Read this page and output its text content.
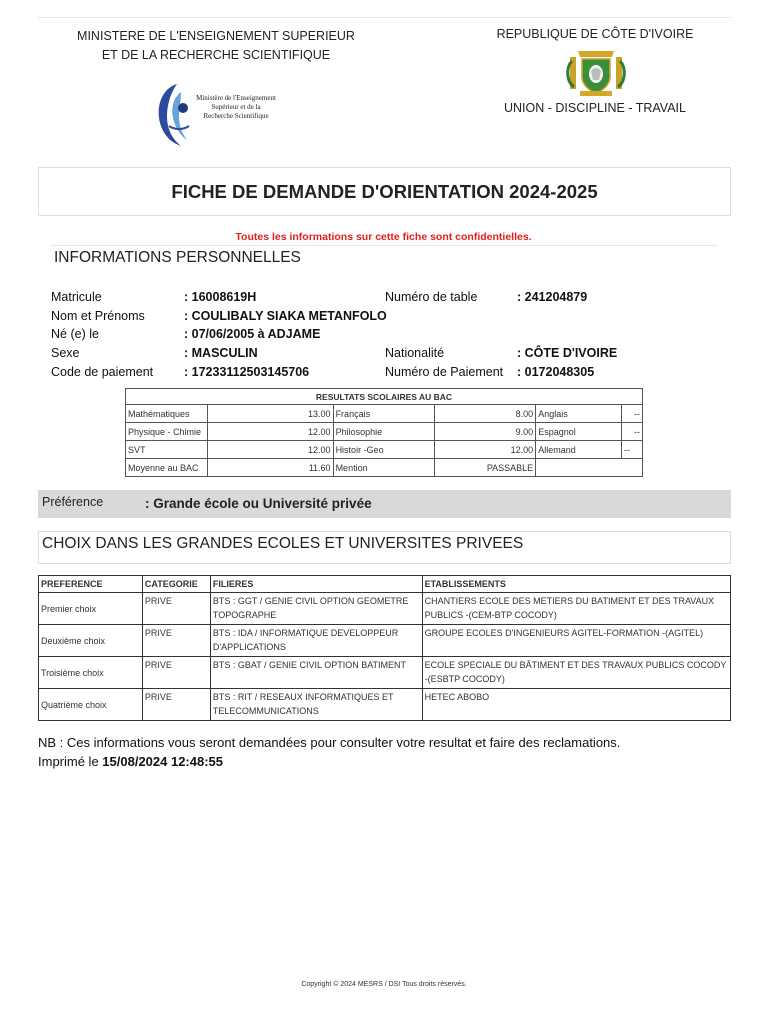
MINISTERE DE L'ENSEIGNEMENT SUPERIEUR
ET DE LA RECHERCHE SCIENTIFIQUE
Ministère de l'Enseignement
Supérieur et de la
Recherche Scientifique
REPUBLIQUE DE CÔTE D'IVOIRE
UNION - DISCIPLINE - TRAVAIL
FICHE DE DEMANDE D'ORIENTATION 2024-2025
Toutes les informations sur cette fiche sont confidentielles.
INFORMATIONS PERSONNELLES
Matricule	: 16008619H	Numéro de table	: 241204879
Nom et Prénoms	: COULIBALY SIAKA METANFOLO
Né (e) le	: 07/06/2005 à ADJAME
Sexe	: MASCULIN	Nationalité	: CÔTE D'IVOIRE
Code de paiement : 17233112503145706	Numéro de Paiement : 0172048305
RESULTATS SCOLAIRES AU BAC					
Mathématiques	13.00	Français	8.00	Anglais	--
Physique - Chimie	12.00	Philosophie	9.00	Espagnol	--
SVT	12.00	Histoir -Geo	12.00	Allemand	--
Moyenne au BAC	11.60	Mention	PASSABLE		
Préférence	: Grande école ou Université privée
CHOIX DANS LES GRANDES ECOLES ET UNIVERSITES PRIVEES
PREFERENCE	CATEGORIE	FILIERES	ETABLISSEMENTS
Premier choix	PRIVE	BTS : GGT / GENIE CIVIL OPTION GEOMETRE TOPOGRAPHE	CHANTIERS ECOLE DES METIERS DU BATIMENT ET DES TRAVAUX PUBLICS -(CEM-BTP COCODY)
Deuxième choix	PRIVE	BTS : IDA / INFORMATIQUE DEVELOPPEUR D'APPLICATIONS	GROUPE ECOLES D'INGENIEURS AGITEL-FORMATION -(AGITEL)
Troisième choix	PRIVE	BTS : GBAT / GENIE CIVIL OPTION BATIMENT	ECOLE SPECIALE DU BÂTIMENT ET DES TRAVAUX PUBLICS COCODY -(ESBTP COCODY)
Quatrième choix	PRIVE	BTS : RIT / RESEAUX INFORMATIQUES ET TELECOMMUNICATIONS	HETEC ABOBO
NB : Ces informations vous seront demandées pour consulter votre resultat et faire des reclamations.
Imprimé le 15/08/2024 12:48:55
Copyright © 2024 MESRS / DSI Tous droits réservés.
